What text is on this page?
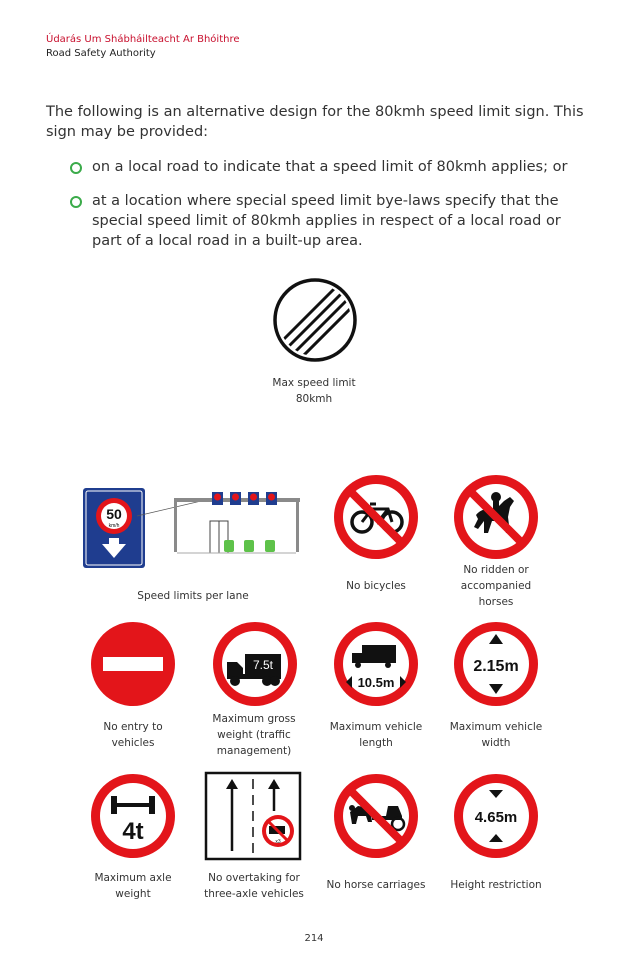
Údarás Um Shábháilteacht Ar Bhóithre
Road Safety Authority
The following is an alternative design for the 80kmh speed limit sign. This sign may be provided:
on a local road to indicate that a speed limit of 80kmh applies; or
at a location where special speed limit bye-laws specify that the special speed limit of 80kmh applies in respect of a local road or part of a local road in a built-up area.
Max speed limit
80kmh
50
km/h
Speed limits per lane
No bicycles
No ridden or
accompanied
horses
No entry to
vehicles
7.5t
Maximum gross
weight (traffic
management)
10.5m
Maximum vehicle
length
2.15m
Maximum vehicle
width
4t
Maximum axle
weight
x3
No overtaking for
three-axle vehicles
No horse carriages
4.65m
Height restriction
214
